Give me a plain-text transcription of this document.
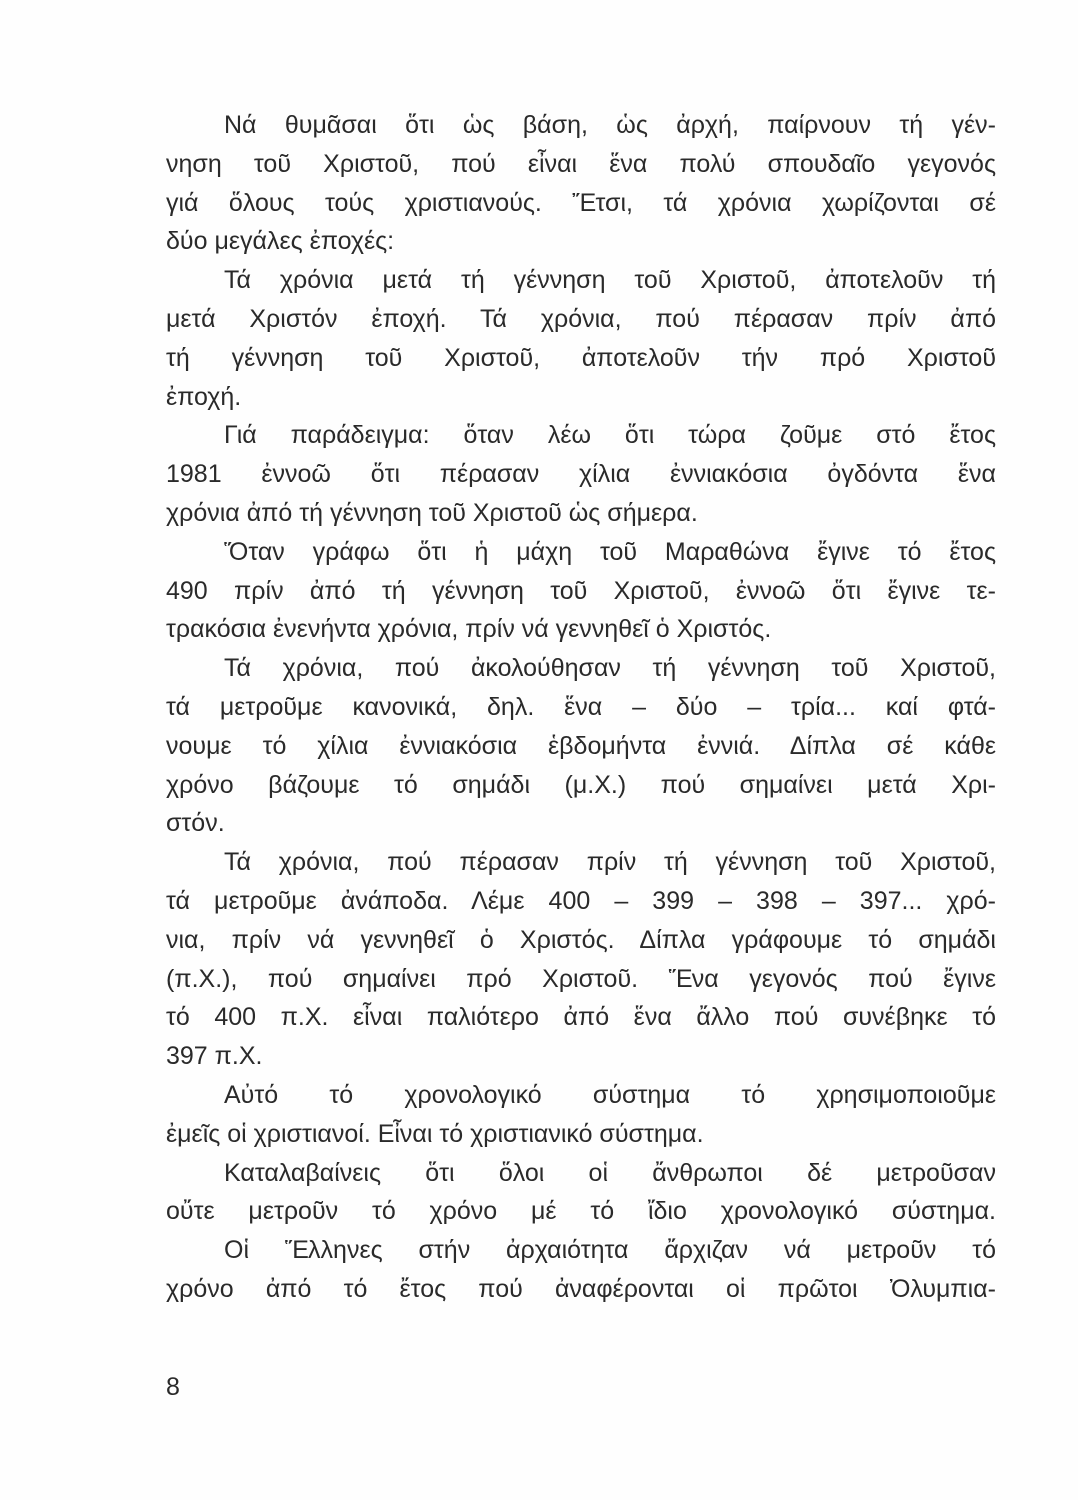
Νά θυμᾶσαι ὅτι ὡς βάση, ὡς ἀρχή, παίρνουν τή γέν-
νηση τοῦ Χριστοῦ, πού εἶναι ἕνα πολύ σπουδαῖο γεγονός
γιά ὅλους τούς χριστιανούς. Ἔτσι, τά χρόνια χωρίζονται σέ
δύο μεγάλες ἐποχές:
Τά χρόνια μετά τή γέννηση τοῦ Χριστοῦ, ἀποτελοῦν τή
μετά Χριστόν ἐποχή. Τά χρόνια, πού πέρασαν πρίν ἀπό
τή γέννηση τοῦ Χριστοῦ, ἀποτελοῦν τήν πρό Χριστοῦ
ἐποχή.
Γιά παράδειγμα: ὅταν λέω ὅτι τώρα ζοῦμε στό ἔτος
1981 ἐννοῶ ὅτι πέρασαν χίλια ἐννιακόσια ὀγδόντα ἕνα
χρόνια ἀπό τή γέννηση τοῦ Χριστοῦ ὡς σήμερα.
Ὅταν γράφω ὅτι ἡ μάχη τοῦ Μαραθώνα ἔγινε τό ἔτος
490 πρίν ἀπό τή γέννηση τοῦ Χριστοῦ, ἐννοῶ ὅτι ἔγινε τε-
τρακόσια ἐνενήντα χρόνια, πρίν νά γεννηθεῖ ὁ Χριστός.
Τά χρόνια, πού ἀκολούθησαν τή γέννηση τοῦ Χριστοῦ,
τά μετροῦμε κανονικά, δηλ. ἕνα – δύο – τρία... καί φτά-
νουμε τό χίλια ἐννιακόσια ἑβδομήντα ἐννιά. Δίπλα σέ κάθε
χρόνο βάζουμε τό σημάδι (μ.Χ.) πού σημαίνει μετά Χρι-
στόν.
Τά χρόνια, πού πέρασαν πρίν τή γέννηση τοῦ Χριστοῦ,
τά μετροῦμε ἀνάποδα. Λέμε 400 – 399 – 398 – 397... χρό-
νια, πρίν νά γεννηθεῖ ὁ Χριστός. Δίπλα γράφουμε τό σημάδι
(π.Χ.), πού σημαίνει πρό Χριστοῦ. Ἕνα γεγονός πού ἔγινε
τό 400 π.Χ. εἶναι παλιότερο ἀπό ἕνα ἄλλο πού συνέβηκε τό
397 π.Χ.
Αὐτό τό χρονολογικό σύστημα τό χρησιμοποιοῦμε
ἐμεῖς οἱ χριστιανοί. Εἶναι τό χριστιανικό σύστημα.
Καταλαβαίνεις ὅτι ὅλοι οἱ ἄνθρωποι δέ μετροῦσαν
οὔτε μετροῦν τό χρόνο μέ τό ἴδιο χρονολογικό σύστημα.
Οἱ Ἕλληνες στήν ἀρχαιότητα ἄρχιζαν νά μετροῦν τό
χρόνο ἀπό τό ἔτος πού ἀναφέρονται οἱ πρῶτοι Ὀλυμπια-
8
